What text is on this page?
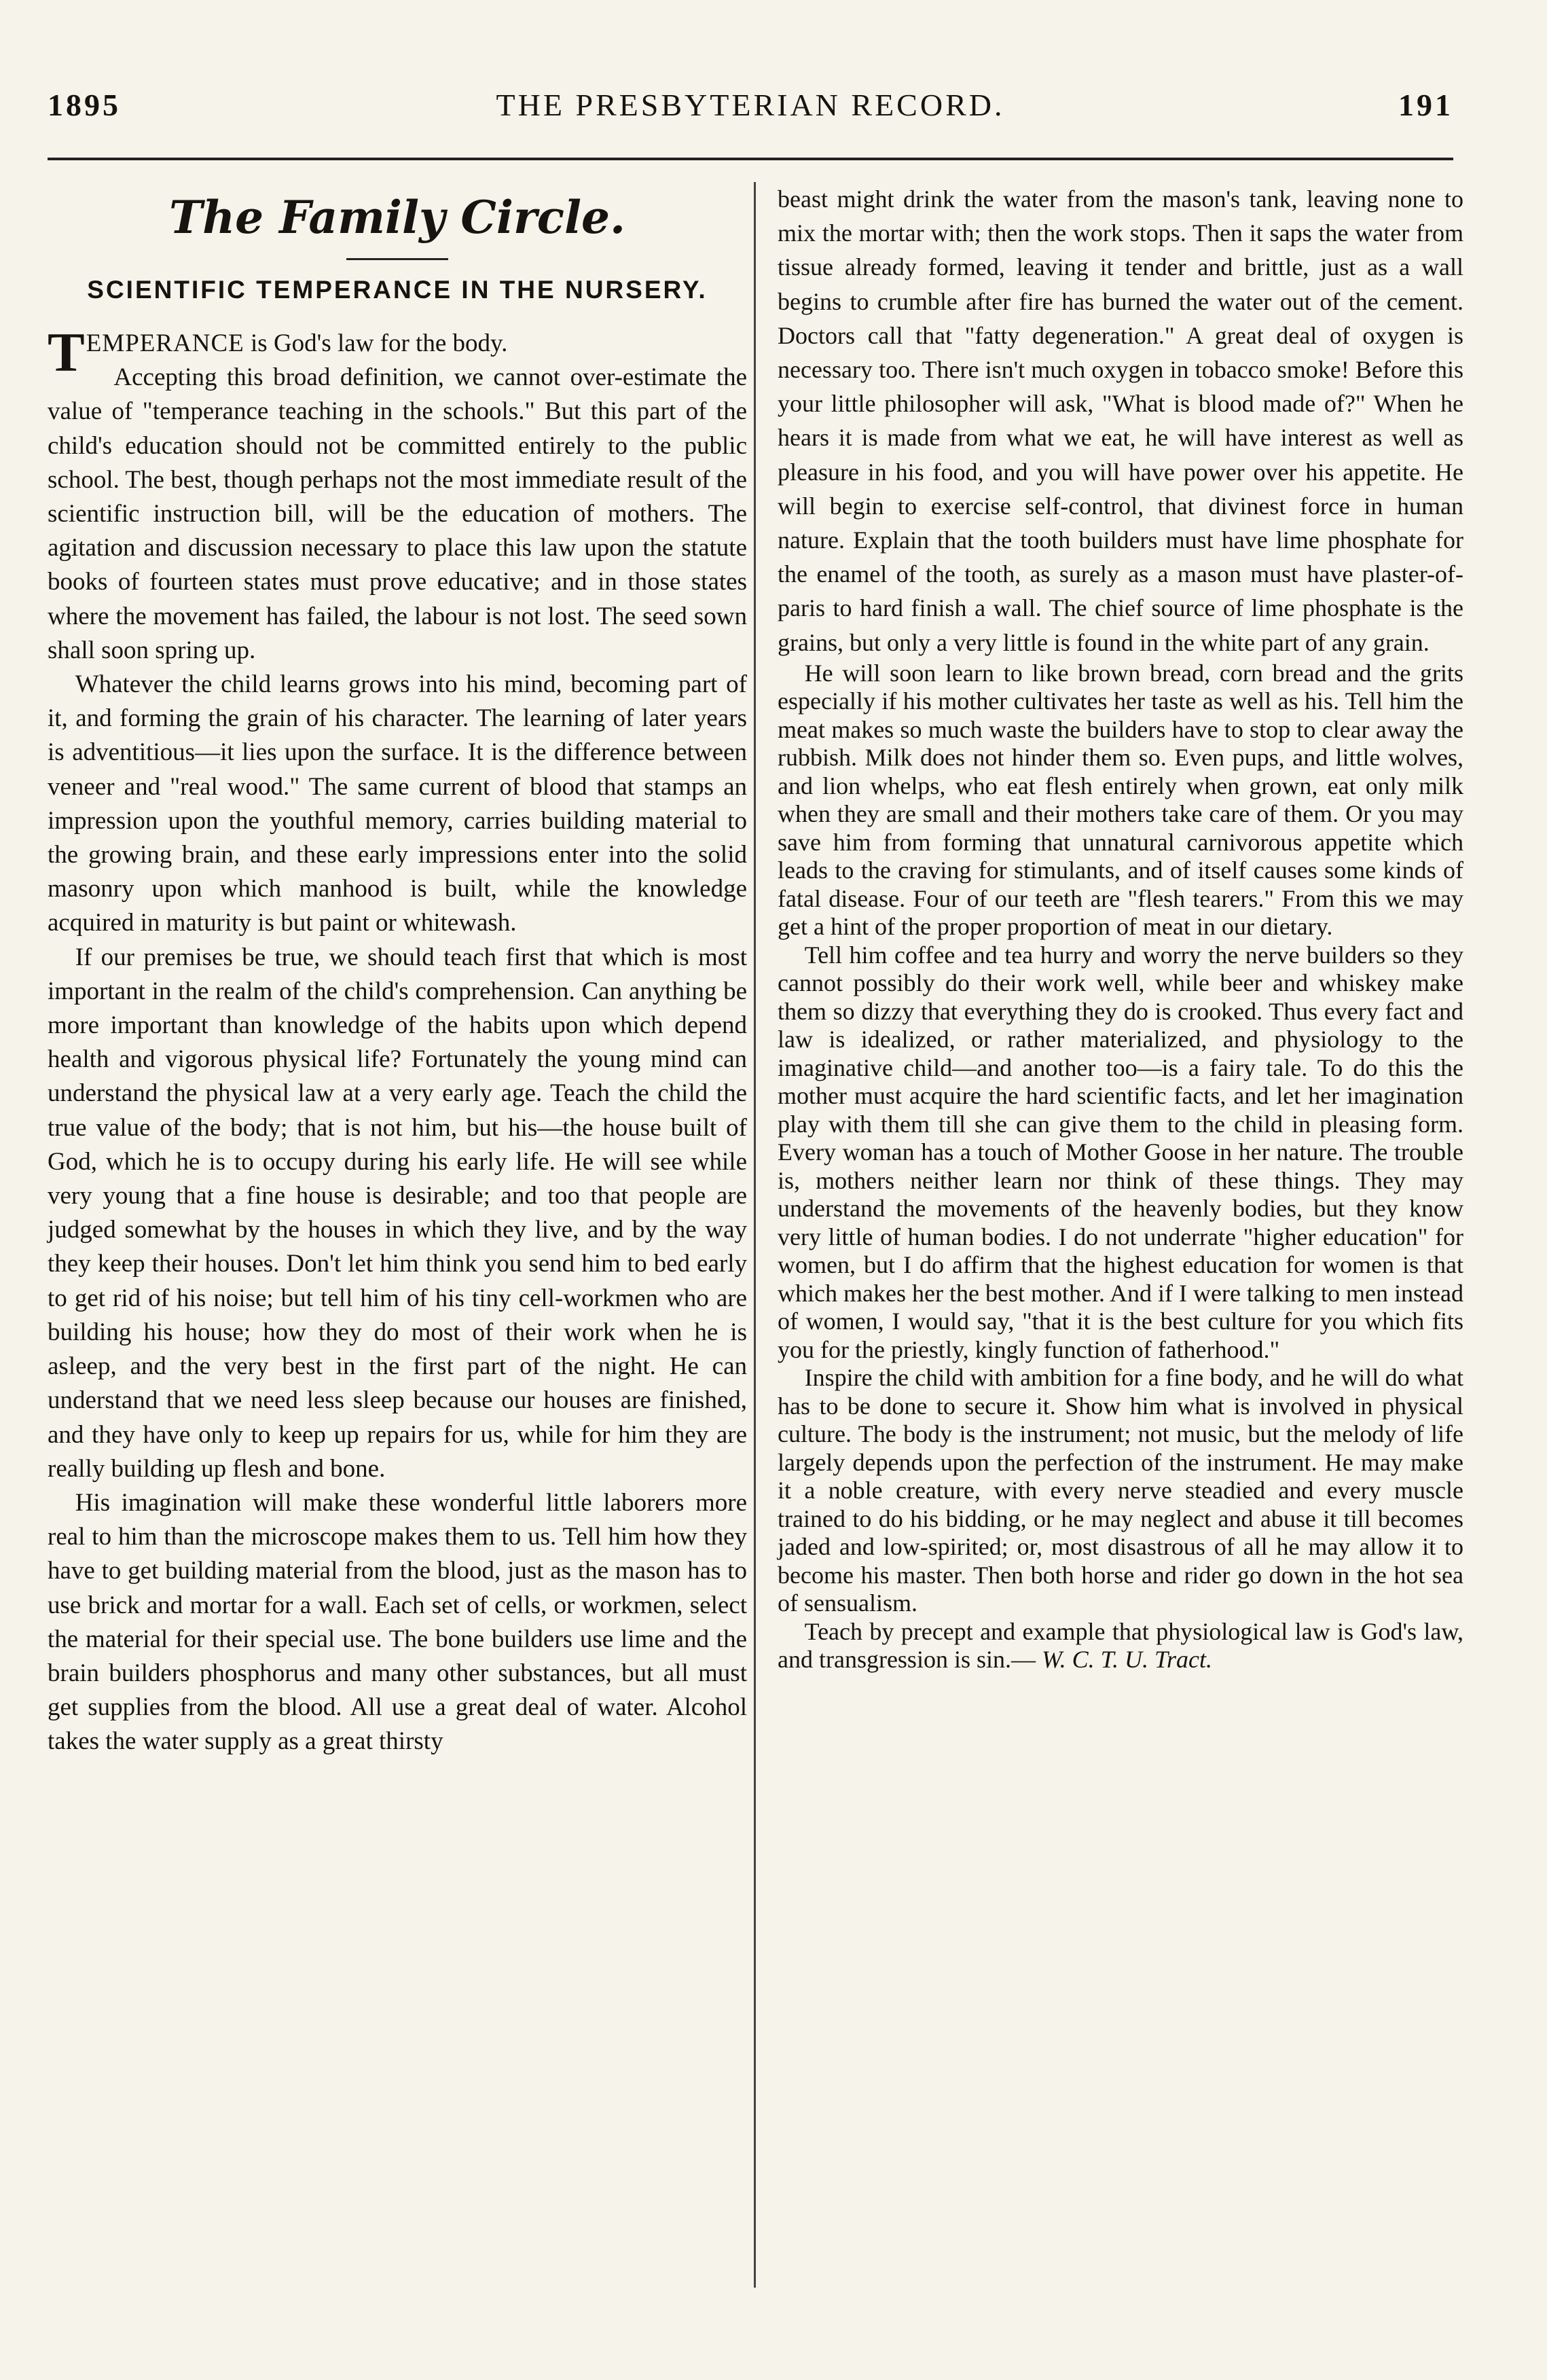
1895	THE PRESBYTERIAN RECORD.	191
The Family Circle.
SCIENTIFIC TEMPERANCE IN THE NURSERY.

TEMPERANCE is God's law for the body.

Accepting this broad definition, we cannot over-estimate the value of "temperance teaching in the schools." But this part of the child's education should not be committed entirely to the public school. The best, though perhaps not the most immediate result of the scientific instruction bill, will be the education of mothers. The agitation and discussion necessary to place this law upon the statute books of fourteen states must prove educative; and in those states where the movement has failed, the labour is not lost. The seed sown shall soon spring up.

Whatever the child learns grows into his mind, becoming part of it, and forming the grain of his character. The learning of later years is adventitious—it lies upon the surface. It is the difference between veneer and "real wood." The same current of blood that stamps an impression upon the youthful memory, carries building material to the growing brain, and these early impressions enter into the solid masonry upon which manhood is built, while the knowledge acquired in maturity is but paint or whitewash.

If our premises be true, we should teach first that which is most important in the realm of the child's comprehension. Can anything be more important than knowledge of the habits upon which depend health and vigorous physical life? Fortunately the young mind can understand the physical law at a very early age. Teach the child the true value of the body; that is not him, but his—the house built of God, which he is to occupy during his early life. He will see while very young that a fine house is desirable; and too that people are judged somewhat by the houses in which they live, and by the way they keep their houses. Don't let him think you send him to bed early to get rid of his noise; but tell him of his tiny cell-workmen who are building his house; how they do most of their work when he is asleep, and the very best in the first part of the night. He can understand that we need less sleep because our houses are finished, and they have only to keep up repairs for us, while for him they are really building up flesh and bone.

His imagination will make these wonderful little laborers more real to him than the microscope makes them to us. Tell him how they have to get building material from the blood, just as the mason has to use brick and mortar for a wall. Each set of cells, or workmen, select the material for their special use. The bone builders use lime and the brain builders phosphorus and many other substances, but all must get supplies from the blood. All use a great deal of water. Alcohol takes the water supply as a great thirsty

beast might drink the water from the mason's tank, leaving none to mix the mortar with; then the work stops. Then it saps the water from tissue already formed, leaving it tender and brittle, just as a wall begins to crumble after fire has burned the water out of the cement. Doctors call that "fatty degeneration." A great deal of oxygen is necessary too. There isn't much oxygen in tobacco smoke! Before this your little philosopher will ask, "What is blood made of?" When he hears it is made from what we eat, he will have interest as well as pleasure in his food, and you will have power over his appetite. He will begin to exercise self-control, that divinest force in human nature. Explain that the tooth builders must have lime phosphate for the enamel of the tooth, as surely as a mason must have plaster-of-paris to hard finish a wall. The chief source of lime phosphate is the grains, but only a very little is found in the white part of any grain.

He will soon learn to like brown bread, corn bread and the grits especially if his mother cultivates her taste as well as his. Tell him the meat makes so much waste the builders have to stop to clear away the rubbish. Milk does not hinder them so. Even pups, and little wolves, and lion whelps, who eat flesh entirely when grown, eat only milk when they are small and their mothers take care of them. Or you may save him from forming that unnatural carnivorous appetite which leads to the craving for stimulants, and of itself causes some kinds of fatal disease. Four of our teeth are "flesh tearers." From this we may get a hint of the proper proportion of meat in our dietary.

Tell him coffee and tea hurry and worry the nerve builders so they cannot possibly do their work well, while beer and whiskey make them so dizzy that everything they do is crooked. Thus every fact and law is idealized, or rather materialized, and physiology to the imaginative child—and another too—is a fairy tale. To do this the mother must acquire the hard scientific facts, and let her imagination play with them till she can give them to the child in pleasing form. Every woman has a touch of Mother Goose in her nature. The trouble is, mothers neither learn nor think of these things. They may understand the movements of the heavenly bodies, but they know very little of human bodies. I do not underrate "higher education" for women, but I do affirm that the highest education for women is that which makes her the best mother. And if I were talking to men instead of women, I would say, "that it is the best culture for you which fits you for the priestly, kingly function of fatherhood."

Inspire the child with ambition for a fine body, and he will do what has to be done to secure it. Show him what is involved in physical culture. The body is the instrument; not music, but the melody of life largely depends upon the perfection of the instrument. He may make it a noble creature, with every nerve steadied and every muscle trained to do his bidding, or he may neglect and abuse it till becomes jaded and low-spirited; or, most disastrous of all he may allow it to become his master. Then both horse and rider go down in the hot sea of sensualism.

Teach by precept and example that physiological law is God's law, and transgression is sin.— W. C. T. U. Tract.
